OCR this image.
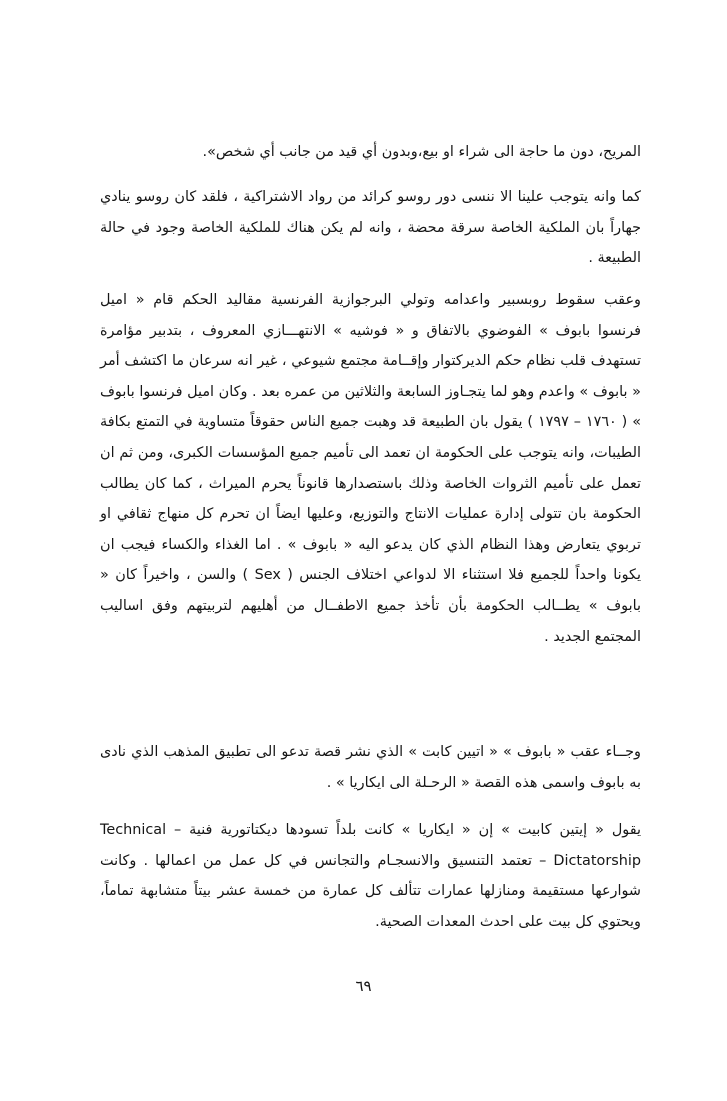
المريح، دون ما حاجة الى شراء او بيع،وبدون أي قيد من جانب أي شخص».
كما وانه يتوجب علينا الا ننسى دور روسو كرائد من رواد الاشتراكية ، فلقد كان روسو ينادي جهاراً بان الملكية الخاصة سرقة محضة ، وانه لم يكن هناك للملكية الخاصة وجود في حالة الطبيعة .
وعقب سقوط روبسبير واعدامه وتولي البرجوازية الفرنسية مقاليد الحكم قام « اميل فرنسوا بابوف » الفوضوي بالاتفاق و « فوشيه » الانتهـــازي المعروف ، بتدبير مؤامرة تستهدف قلب نظام حكم الديركتوار وإقــامة مجتمع شيوعي ، غير انه سرعان ما اكتشف أمر « بابوف » واعدم وهو لما يتجـاوز السابعة والثلاثين من عمره بعد . وكان اميل فرنسوا بابوف » ( ١٧٦٠ – ١٧٩٧ ) يقول بان الطبيعة قد وهبت جميع الناس حقوقاً متساوية في التمتع بكافة الطيبات، وانه يتوجب على الحكومة ان تعمد الى تأميم جميع المؤسسات الكبرى، ومن ثم ان تعمل على تأميم الثروات الخاصة وذلك باستصدارها قانوناً يحرم الميراث ، كما كان يطالب الحكومة بان تتولى إدارة عمليات الانتاج والتوزيع، وعليها ايضاً ان تحرم كل منهاج ثقافي او تربوي يتعارض وهذا النظام الذي كان يدعو اليه « بابوف » . اما الغذاء والكساء فيجب ان يكونا واحداً للجميع فلا استثناء الا لدواعي اختلاف الجنس ( Sex ) والسن ، واخيراً كان « بابوف » يطــالب الحكومة بأن تأخذ جميع الاطفــال من أهليهم لتربيتهم وفق اساليب المجتمع الجديد .
وجــاء عقب « بابوف » « اتيين كابت » الذي نشر قصة تدعو الى تطبيق المذهب الذي نادى به بابوف واسمى هذه القصة « الرحـلة الى ايكاريا » .
يقول « إيتين كابيت » إن « ايكاريا » كانت بلداً تسودها ديكتاتورية فنية – Technical Dictatorship – تعتمد التنسيق والانسجـام والتجانس في كل عمل من اعمالها . وكانت شوارعها مستقيمة ومنازلها عمارات تتألف كل عمارة من خمسة عشر بيتاً متشابهة تماماً، ويحتوي كل بيت على احدث المعدات الصحية.
٦٩
